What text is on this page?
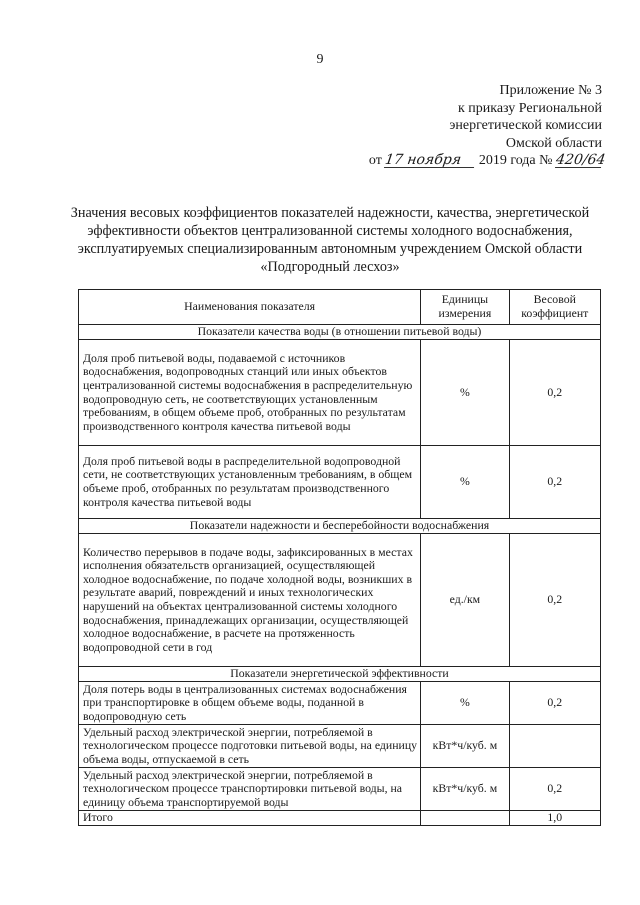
9
Приложение № 3
к приказу Региональной
энергетической комиссии
Омской области
от 17 ноября 2019 года № 420/64
Значения весовых коэффициентов показателей надежности, качества, энергетической эффективности объектов централизованной системы холодного водоснабжения, эксплуатируемых специализированным автономным учреждением Омской области «Подгородный лесхоз»
Наименования показателя	Единицы измерения	Весовой коэффициент
Показатели качества воды (в отношении питьевой воды)		
Доля проб питьевой воды, подаваемой с источников водоснабжения, водопроводных станций или иных объектов централизованной системы водоснабжения в распределительную водопроводную сеть, не соответствующих установленным требованиям, в общем объеме проб, отобранных по результатам производственного контроля качества питьевой воды	%	0,2
Доля проб питьевой воды в распределительной водопроводной сети, не соответствующих установленным требованиям, в общем объеме проб, отобранных по результатам производственного контроля качества питьевой воды	%	0,2
Показатели надежности и бесперебойности водоснабжения		
Количество перерывов в подаче воды, зафиксированных в местах исполнения обязательств организацией, осуществляющей холодное водоснабжение, по подаче холодной воды, возникших в результате аварий, повреждений и иных технологических нарушений на объектах централизованной системы холодного водоснабжения, принадлежащих организации, осуществляющей холодное водоснабжение, в расчете на протяженность водопроводной сети в год	ед./км	0,2
Показатели энергетической эффективности		
Доля потерь воды в централизованных системах водоснабжения при транспортировке в общем объеме воды, поданной в водопроводную сеть	%	0,2
Удельный расход электрической энергии, потребляемой в технологическом процессе подготовки питьевой воды, на единицу объема воды, отпускаемой в сеть	кВт*ч/куб. м	
Удельный расход электрической энергии, потребляемой в технологическом процессе транспортировки питьевой воды, на единицу объема транспортируемой воды	кВт*ч/куб. м	0,2
Итого		1,0
